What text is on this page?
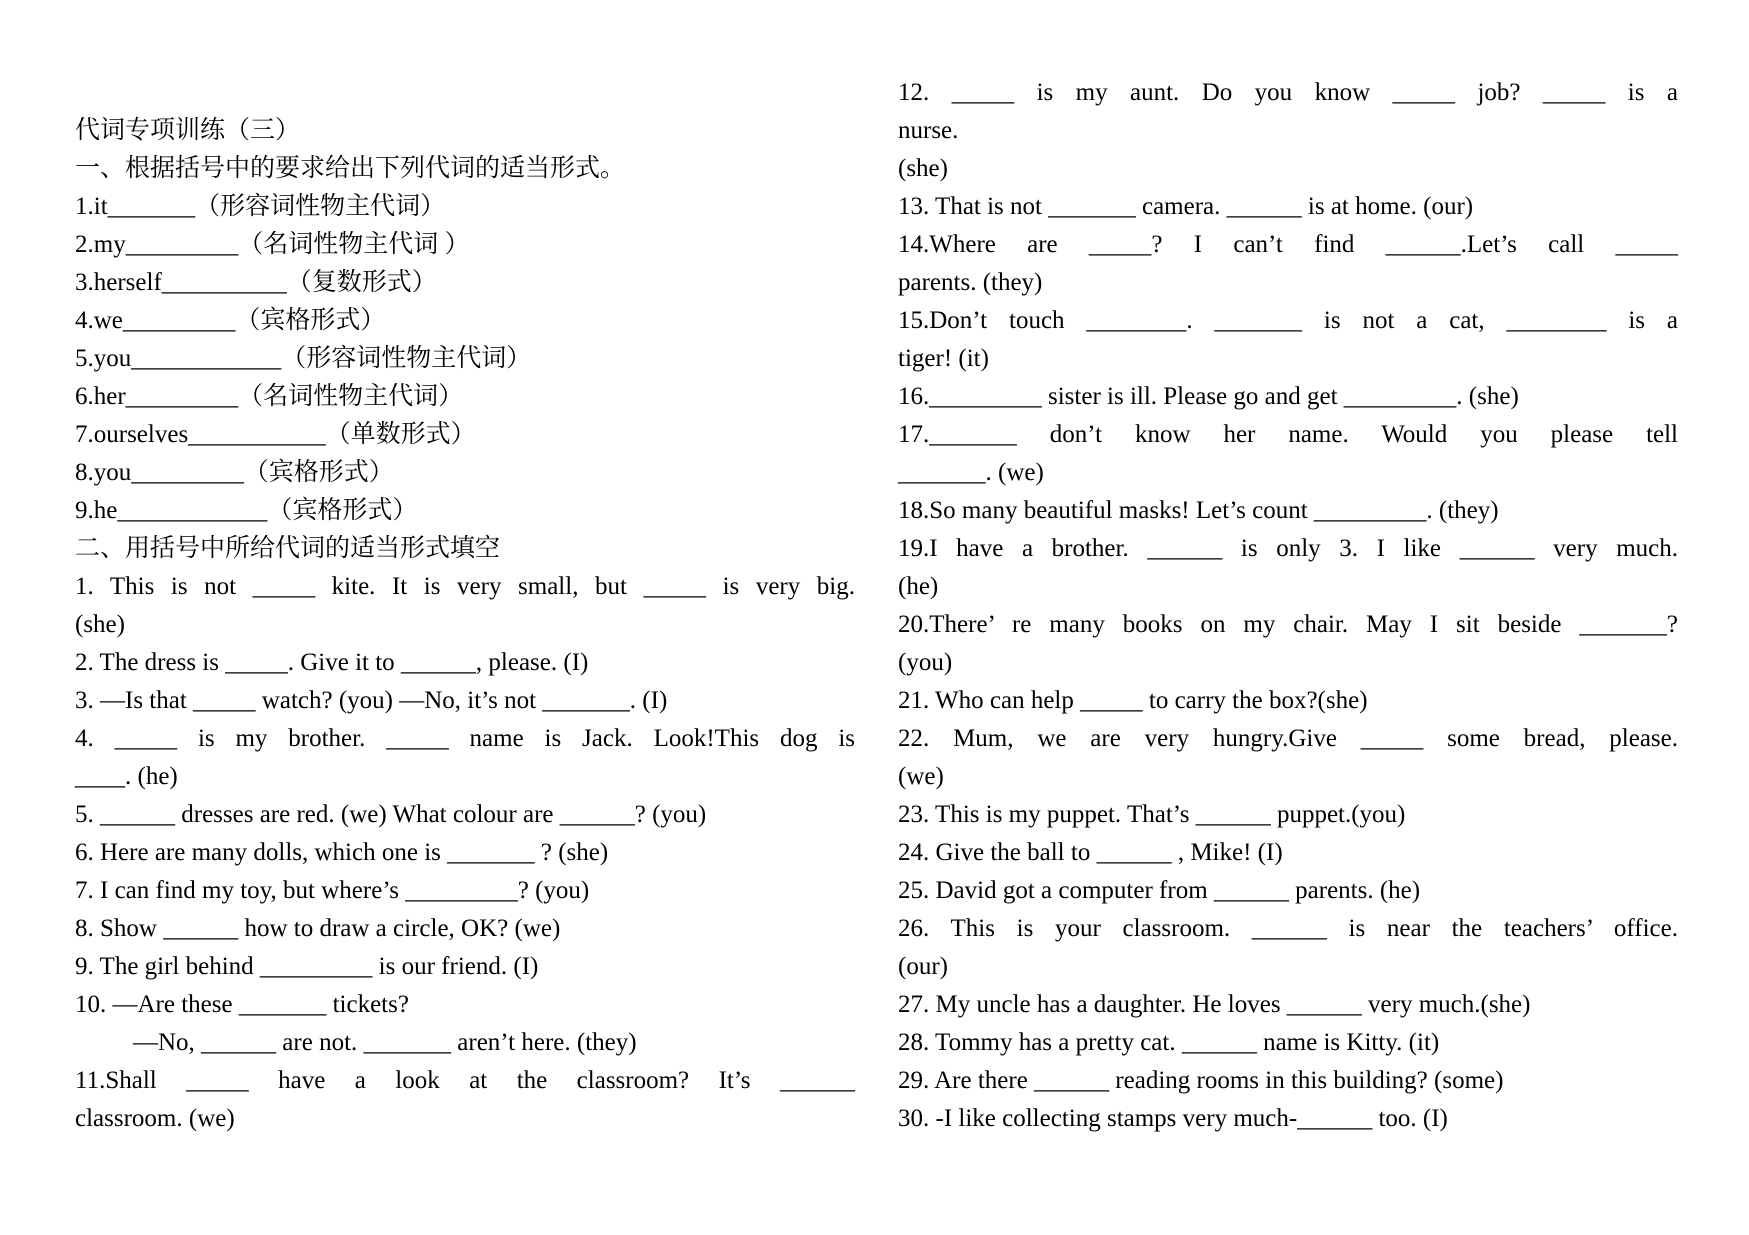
代词专项训练（三）
一、根据括号中的要求给出下列代词的适当形式。
1.it_______（形容词性物主代词）
2.my_________（名词性物主代词 ）
3.herself__________（复数形式）
4.we_________（宾格形式）
5.you____________（形容词性物主代词）
6.her_________（名词性物主代词）
7.ourselves___________（单数形式）
8.you_________（宾格形式）
9.he____________（宾格形式）
二、用括号中所给代词的适当形式填空
1. This is not _____ kite. It is very small, but _____ is very big.
(she)
2. The dress is _____. Give it to ______, please. (I)
3. —Is that _____ watch? (you) —No, it’s not _______. (I)
4. _____ is my brother. _____ name is Jack. Look!This dog is
____. (he)
5. ______ dresses are red. (we) What colour are ______? (you)
6. Here are many dolls, which one is _______ ? (she)
7. I can find my toy, but where’s _________? (you)
8. Show ______ how to draw a circle, OK? (we)
9. The girl behind _________ is our friend. (I)
10. —Are these _______ tickets?
—No, ______ are not. _______ aren’t here. (they)
11.Shall _____ have a look at the classroom? It’s ______
classroom. (we)
12. _____ is my aunt. Do you know _____ job? _____ is a
nurse.
(she)
13. That is not _______ camera. ______ is at home. (our)
14.Where are _____? I can’t find ______.Let’s call _____
parents. (they)
15.Don’t touch ________. _______ is not a cat, ________ is a
tiger! (it)
16._________ sister is ill. Please go and get _________. (she)
17._______ don’t know her name. Would you please tell
_______. (we)
18.So many beautiful masks! Let’s count _________. (they)
19.I have a brother. ______ is only 3. I like ______ very much.
(he)
20.There’ re many books on my chair. May I sit beside _______?
(you)
21. Who can help _____ to carry the box?(she)
22. Mum, we are very hungry.Give _____ some bread, please.
(we)
23. This is my puppet. That’s ______ puppet.(you)
24. Give the ball to ______ , Mike! (I)
25. David got a computer from ______ parents. (he)
26. This is your classroom. ______ is near the teachers’ office.
(our)
27. My uncle has a daughter. He loves ______ very much.(she)
28. Tommy has a pretty cat. ______ name is Kitty. (it)
29. Are there ______ reading rooms in this building? (some)
30. -I like collecting stamps very much-______ too. (I)
